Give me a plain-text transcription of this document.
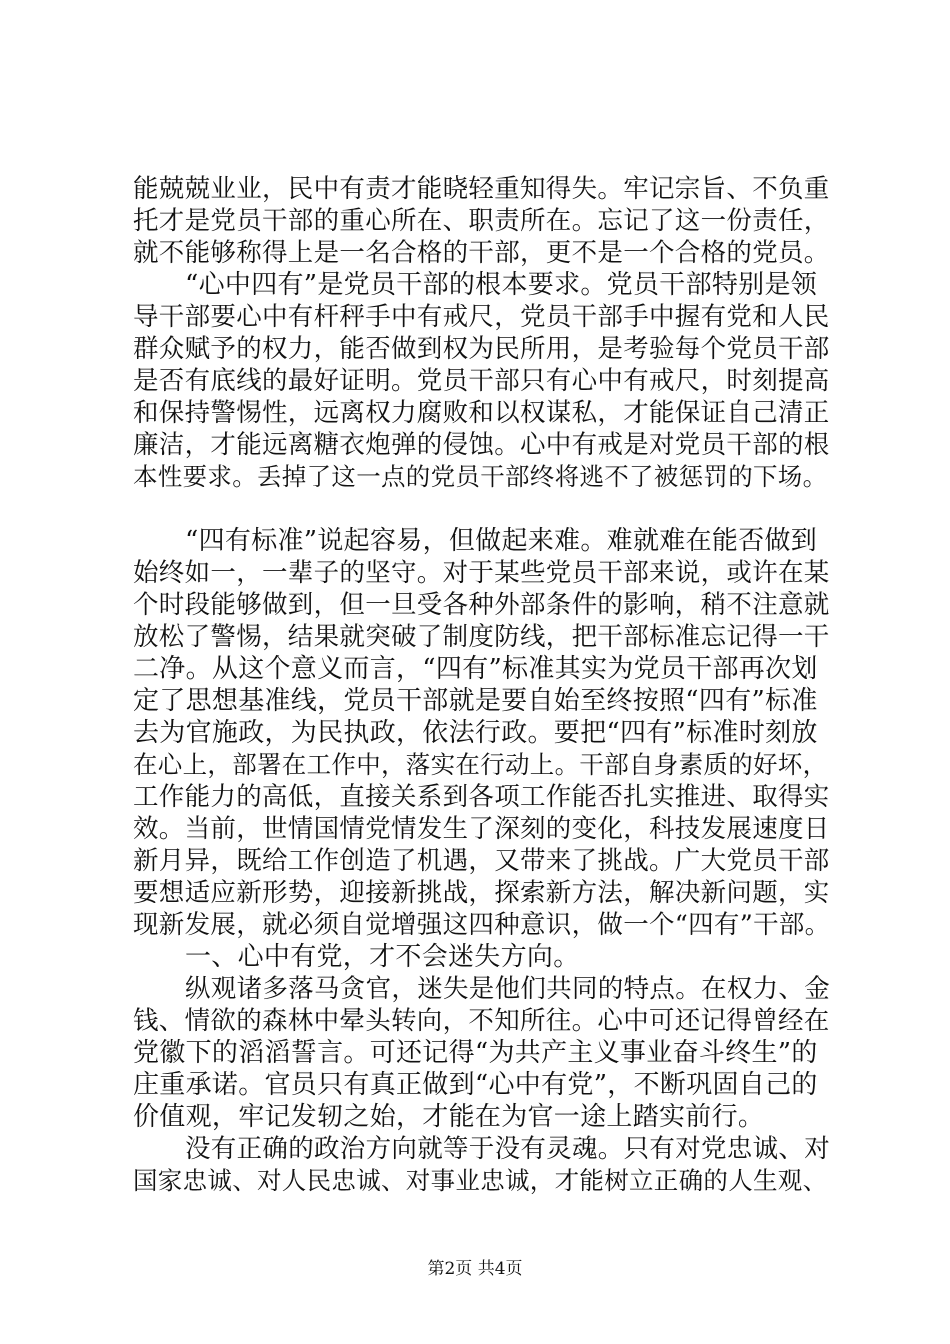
能兢兢业业，民中有责才能晓轻重知得失。牢记宗旨、不负重
托才是党员干部的重心所在、职责所在。忘记了这一份责任，
就不能够称得上是一名合格的干部，更不是一个合格的党员。
“心中四有”是党员干部的根本要求。党员干部特别是领
导干部要心中有杆秤手中有戒尺，党员干部手中握有党和人民
群众赋予的权力，能否做到权为民所用，是考验每个党员干部
是否有底线的最好证明。党员干部只有心中有戒尺，时刻提高
和保持警惕性，远离权力腐败和以权谋私，才能保证自己清正
廉洁，才能远离糖衣炮弹的侵蚀。心中有戒是对党员干部的根
本性要求。丢掉了这一点的党员干部终将逃不了被惩罚的下场。
“四有标准”说起容易，但做起来难。难就难在能否做到
始终如一，一辈子的坚守。对于某些党员干部来说，或许在某
个时段能够做到，但一旦受各种外部条件的影响，稍不注意就
放松了警惕，结果就突破了制度防线，把干部标准忘记得一干
二净。从这个意义而言，“四有”标准其实为党员干部再次划
定了思想基准线，党员干部就是要自始至终按照“四有”标准
去为官施政，为民执政，依法行政。要把“四有”标准时刻放
在心上，部署在工作中，落实在行动上。干部自身素质的好坏，
工作能力的高低，直接关系到各项工作能否扎实推进、取得实
效。当前，世情国情党情发生了深刻的变化，科技发展速度日
新月异，既给工作创造了机遇，又带来了挑战。广大党员干部
要想适应新形势，迎接新挑战，探索新方法，解决新问题，实
现新发展，就必须自觉增强这四种意识，做一个“四有”干部。
一、心中有党，才不会迷失方向。
纵观诸多落马贪官，迷失是他们共同的特点。在权力、金
钱、情欲的森林中晕头转向，不知所往。心中可还记得曾经在
党徽下的滔滔誓言。可还记得“为共产主义事业奋斗终生”的
庄重承诺。官员只有真正做到“心中有党”，不断巩固自己的
价值观，牢记发轫之始，才能在为官一途上踏实前行。
没有正确的政治方向就等于没有灵魂。只有对党忠诚、对
国家忠诚、对人民忠诚、对事业忠诚，才能树立正确的人生观、
第2页 共4页
